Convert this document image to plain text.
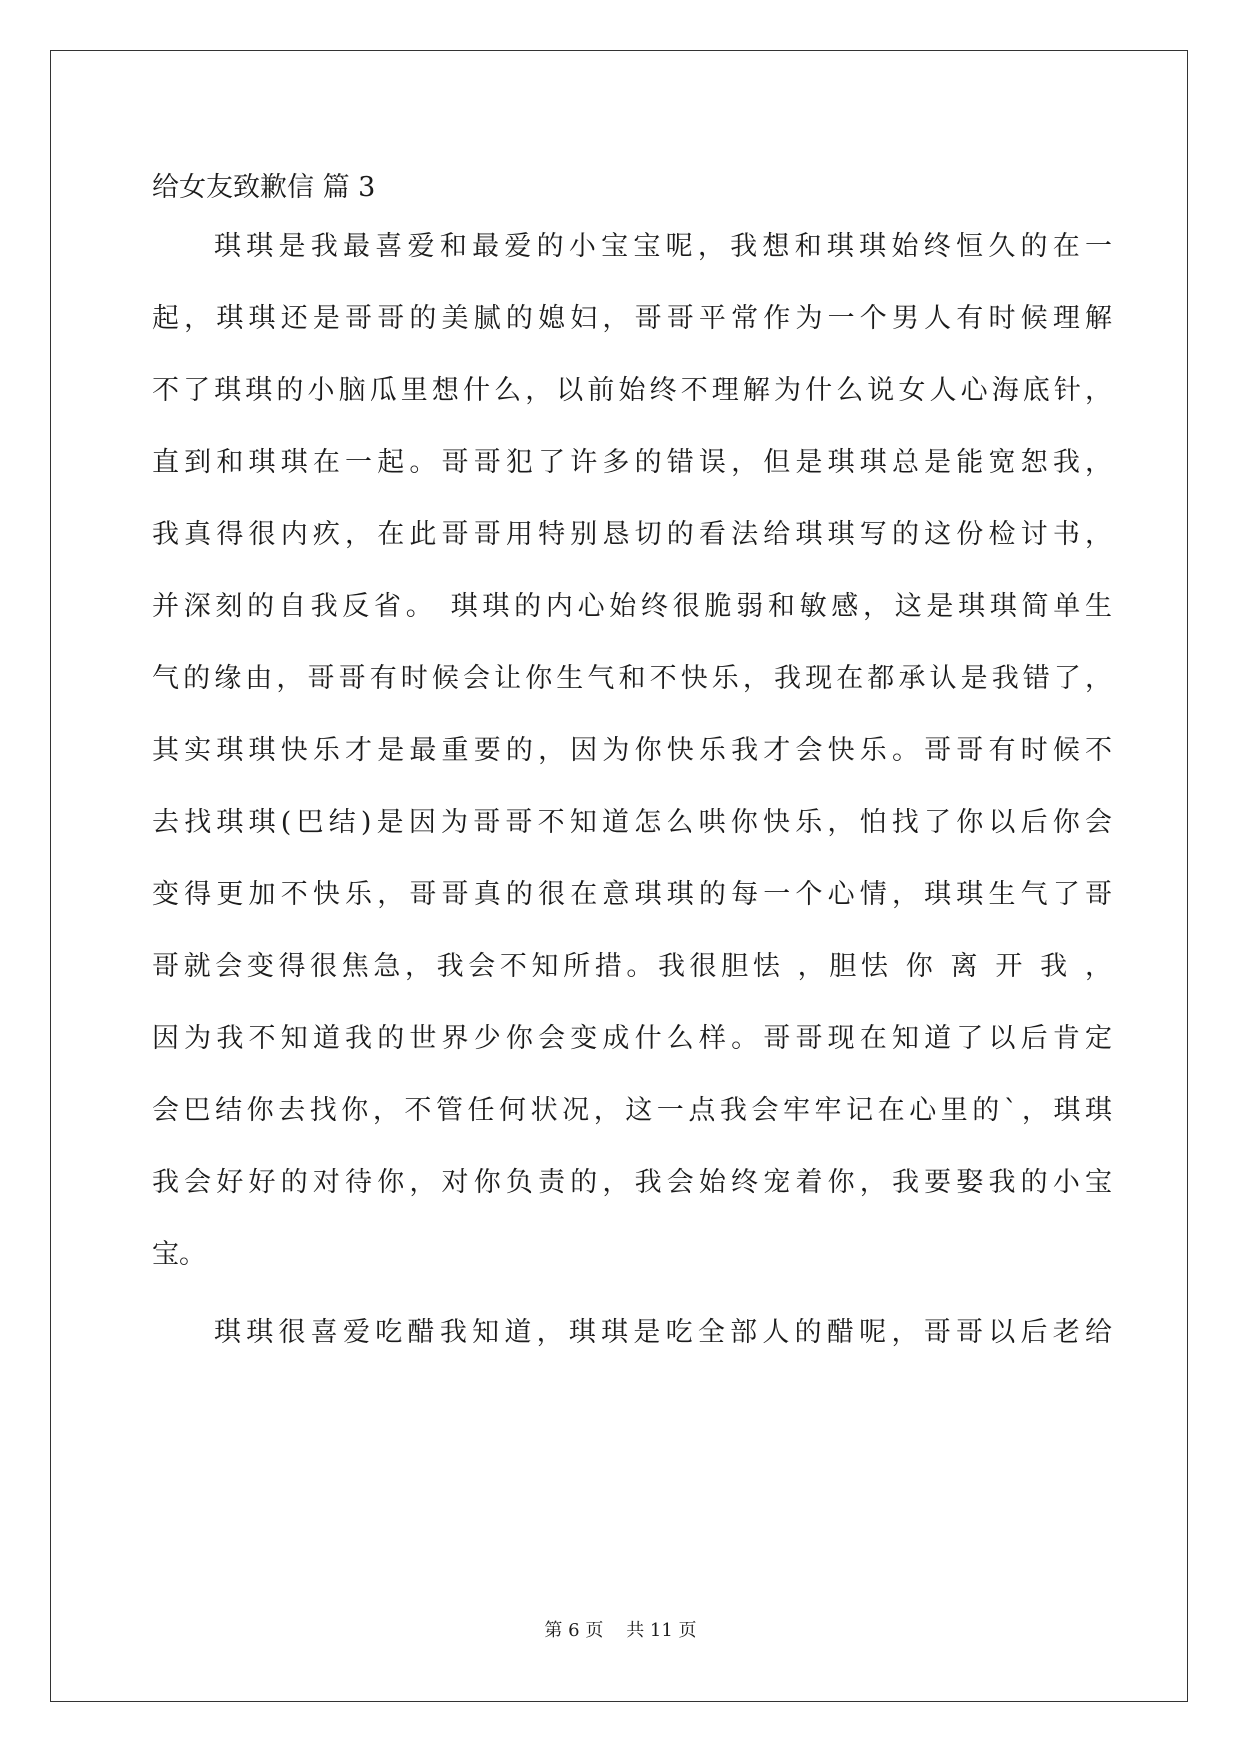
给女友致歉信 篇 3
琪琪是我最喜爱和最爱的小宝宝呢，我想和琪琪始终恒久的在一
起，琪琪还是哥哥的美腻的媳妇，哥哥平常作为一个男人有时候理解
不了琪琪的小脑瓜里想什么，以前始终不理解为什么说女人心海底针，
直到和琪琪在一起。哥哥犯了许多的错误，但是琪琪总是能宽恕我，
我真得很内疚，在此哥哥用特别恳切的看法给琪琪写的这份检讨书，
并深刻的自我反省。 琪琪的内心始终很脆弱和敏感，这是琪琪简单生
气的缘由，哥哥有时候会让你生气和不快乐，我现在都承认是我错了，
其实琪琪快乐才是最重要的，因为你快乐我才会快乐。哥哥有时候不
去找琪琪(巴结)是因为哥哥不知道怎么哄你快乐，怕找了你以后你会
变得更加不快乐，哥哥真的很在意琪琪的每一个心情，琪琪生气了哥
哥就会变得很焦急，我会不知所措。我很胆怯 ，胆怯 你 离 开 我 ，
因为我不知道我的世界少你会变成什么样。哥哥现在知道了以后肯定
会巴结你去找你，不管任何状况，这一点我会牢牢记在心里的`，琪琪
我会好好的对待你，对你负责的，我会始终宠着你，我要娶我的小宝
宝。
琪琪很喜爱吃醋我知道，琪琪是吃全部人的醋呢，哥哥以后老给
第 6 页    共 11 页
